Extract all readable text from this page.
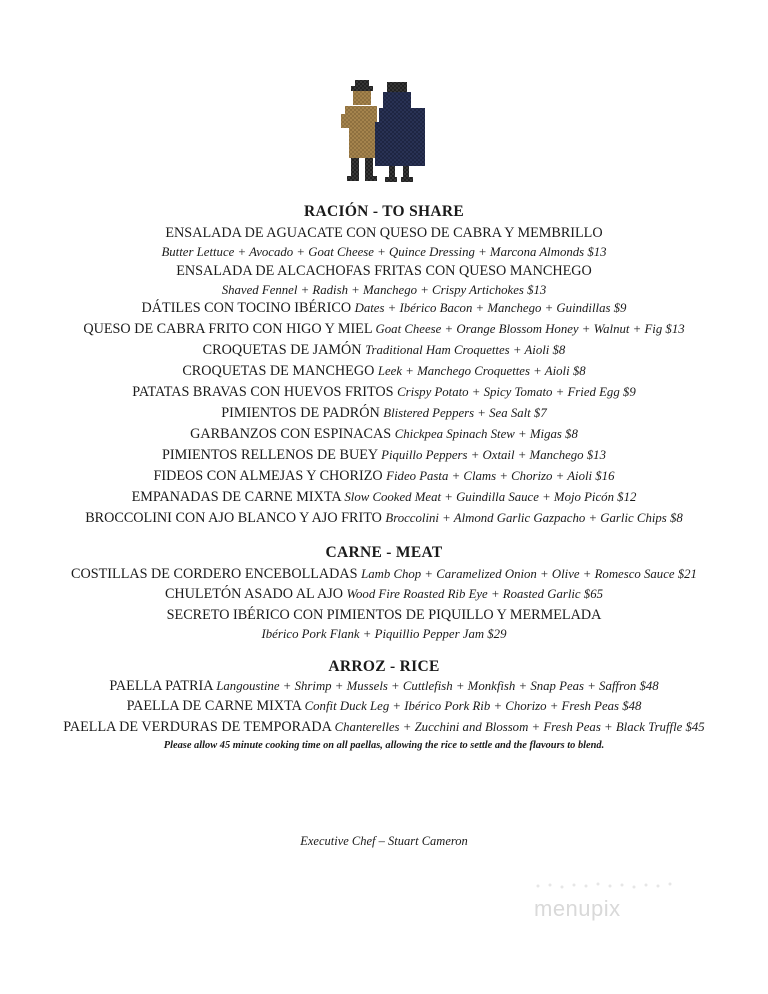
RACIÓN - TO SHARE

ENSALADA DE AGUACATE CON QUESO DE CABRA Y MEMBRILLO

Butter Lettuce + Avocado + Goat Cheese + Quince Dressing + Marcona Almonds $13

ENSALADA DE ALCACHOFAS FRITAS CON QUESO MANCHEGO

Shaved Fennel + Radish + Manchego + Crispy Artichokes $13

DÁTILES CON TOCINO IBÉRICO Dates + Ibérico Bacon + Manchego + Guindillas $9

QUESO DE CABRA FRITO CON HIGO Y MIEL Goat Cheese + Orange Blossom Honey + Walnut + Fig $13

CROQUETAS DE JAMÓN Traditional Ham Croquettes + Aioli $8

CROQUETAS DE MANCHEGO Leek + Manchego Croquettes + Aioli $8

PATATAS BRAVAS CON HUEVOS FRITOS Crispy Potato + Spicy Tomato + Fried Egg $9

PIMIENTOS DE PADRÓN Blistered Peppers + Sea Salt $7

GARBANZOS CON ESPINACAS Chickpea Spinach Stew + Migas $8

PIMIENTOS RELLENOS DE BUEY Piquillo Peppers + Oxtail + Manchego $13

FIDEOS CON ALMEJAS Y CHORIZO Fideo Pasta + Clams + Chorizo + Aioli $16

EMPANADAS DE CARNE MIXTA Slow Cooked Meat + Guindilla Sauce + Mojo Picón $12

BROCCOLINI CON AJO BLANCO Y AJO FRITO Broccolini + Almond Garlic Gazpacho + Garlic Chips $8

CARNE - MEAT

COSTILLAS DE CORDERO ENCEBOLLADAS Lamb Chop + Caramelized Onion + Olive + Romesco Sauce $21

CHULETÓN ASADO AL AJO Wood Fire Roasted Rib Eye + Roasted Garlic $65

SECRETO IBÉRICO CON PIMIENTOS DE PIQUILLO Y MERMELADA

Ibérico Pork Flank + Piquillio Pepper Jam $29

ARROZ - RICE

PAELLA PATRIA Langoustine + Shrimp + Mussels + Cuttlefish + Monkfish + Snap Peas + Saffron $48

PAELLA DE CARNE MIXTA Confit Duck Leg + Ibérico Pork Rib + Chorizo + Fresh Peas $48

PAELLA DE VERDURAS DE TEMPORADA Chanterelles + Zucchini and Blossom + Fresh Peas + Black Truffle $45

Please allow 45 minute cooking time on all paellas, allowing the rice to settle and the flavours to blend.

Executive Chef – Stuart Cameron

menupix
